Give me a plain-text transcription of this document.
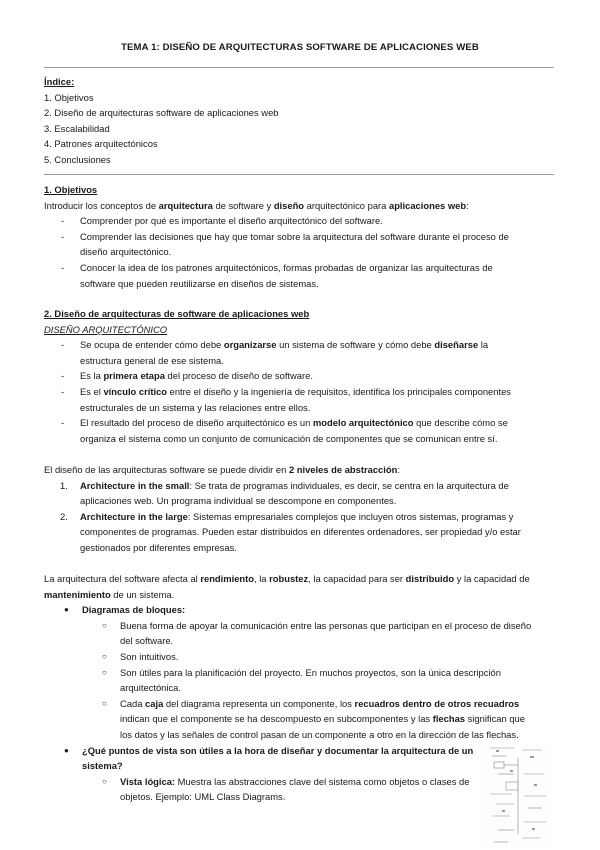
TEMA 1: DISEÑO DE ARQUITECTURAS SOFTWARE DE APLICACIONES WEB
Índice:
1. Objetivos
2. Diseño de arquitecturas software de aplicaciones web
3. Escalabilidad
4. Patrones arquitectónicos
5. Conclusiones
1. Objetivos
Introducir los conceptos de arquitectura de software y diseño arquitectónico para aplicaciones web:
- Comprender por qué es importante el diseño arquitectónico del software.
- Comprender las decisiones que hay que tomar sobre la arquitectura del software durante el proceso de
diseño arquitectónico.
- Conocer la idea de los patrones arquitectónicos, formas probadas de organizar las arquitecturas de
software que pueden reutilizarse en diseños de sistemas.
2. Diseño de arquitecturas de software de aplicaciones web
DISEÑO ARQUITECTÓNICO
- Se ocupa de entender cómo debe organizarse un sistema de software y cómo debe diseñarse la
estructura general de ese sistema.
- Es la primera etapa del proceso de diseño de software.
- Es el vínculo crítico entre el diseño y la ingeniería de requisitos, identifica los principales componentes
estructurales de un sistema y las relaciones entre ellos.
- El resultado del proceso de diseño arquitectónico es un modelo arquitectónico que describe cómo se
organiza el sistema como un conjunto de comunicación de componentes que se comunican entre sí.
El diseño de las arquitecturas software se puede dividir en 2 niveles de abstracción:
1. Architecture in the small: Se trata de programas individuales, es decir, se centra en la arquitectura de
aplicaciones web. Un programa individual se descompone en componentes.
2. Architecture in the large: Sistemas empresariales complejos que incluyen otros sistemas, programas y
componentes de programas. Pueden estar distribuidos en diferentes ordenadores, ser propiedad y/o estar
gestionados por diferentes empresas.
La arquitectura del software afecta al rendimiento, la robustez, la capacidad para ser distribuido y la capacidad de
mantenimiento de un sistema.
● Diagramas de bloques:
○ Buena forma de apoyar la comunicación entre las personas que participan en el proceso de diseño
del software.
○ Son intuitivos.
○ Son útiles para la planificación del proyecto. En muchos proyectos, son la única descripción
arquitectónica.
○ Cada caja del diagrama representa un componente, los recuadros dentro de otros recuadros
indican que el componente se ha descompuesto en subcomponentes y las flechas significan que
los datos y las señales de control pasan de un componente a otro en la dirección de las flechas.
● ¿Qué puntos de vista son útiles a la hora de diseñar y documentar la arquitectura de un
sistema?
○ Vista lógica: Muestra las abstracciones clave del sistema como objetos o clases de
objetos. Ejemplo: UML Class Diagrams.
